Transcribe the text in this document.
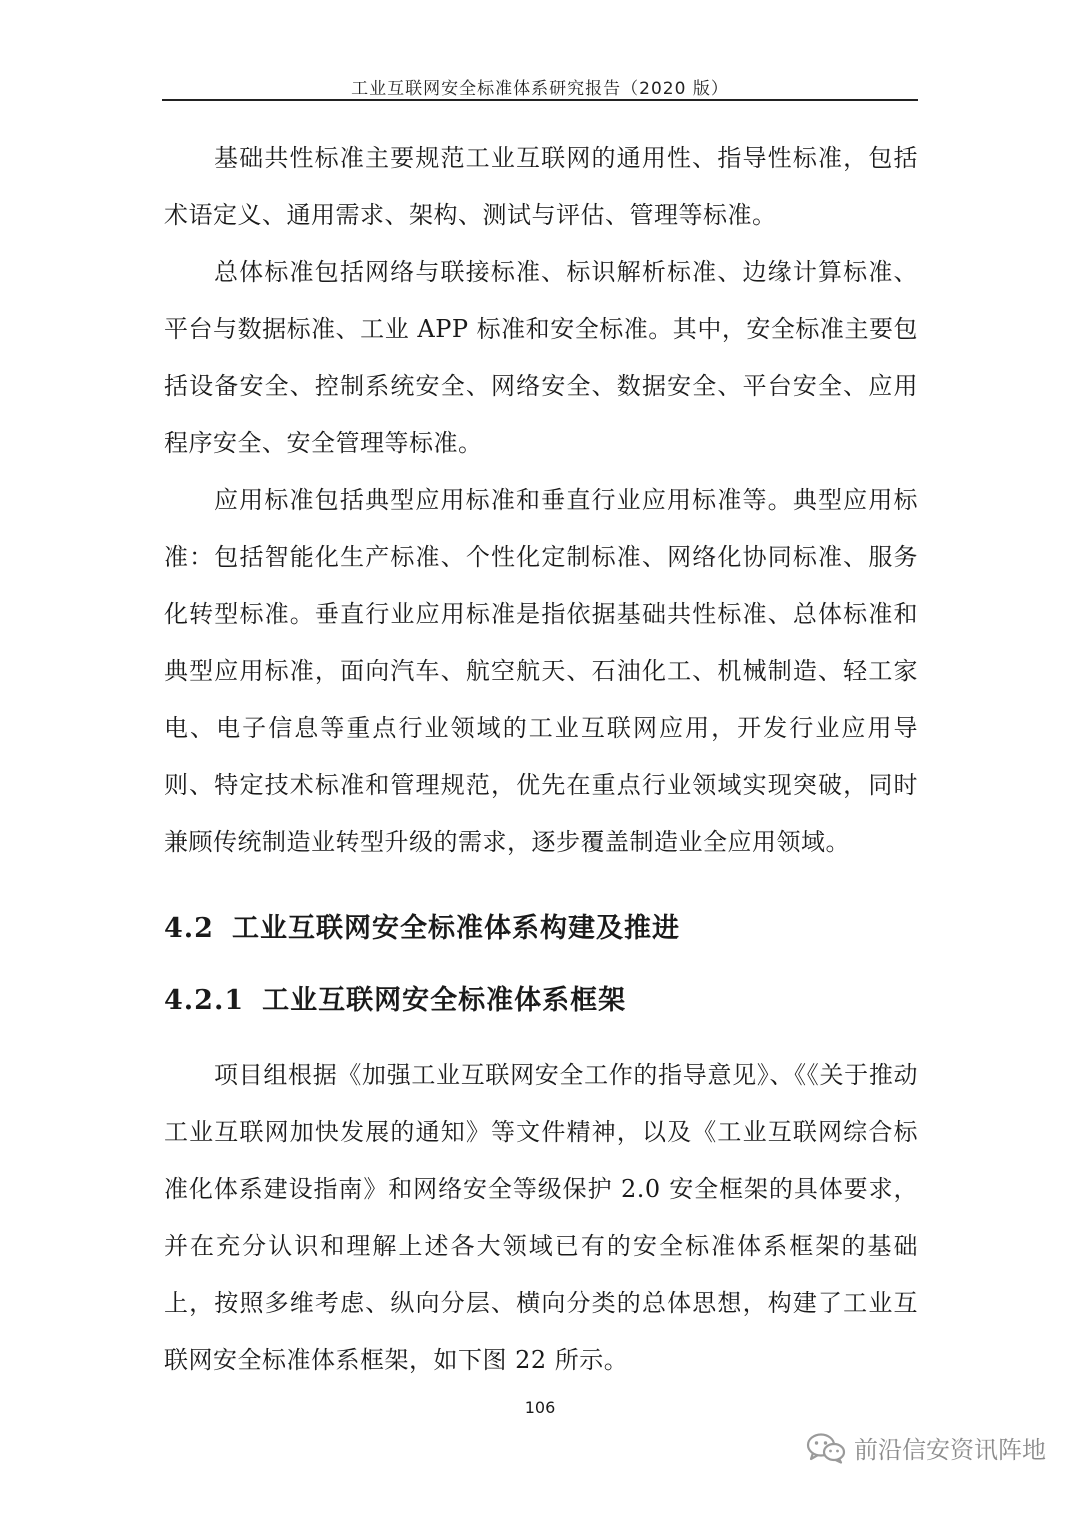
工业互联网安全标准体系研究报告（2020 版）

基础共性标准主要规范工业互联网的通用性、指导性标准，包括术语定义、通用需求、架构、测试与评估、管理等标准。

总体标准包括网络与联接标准、标识解析标准、边缘计算标准、平台与数据标准、工业 APP 标准和安全标准。其中，安全标准主要包括设备安全、控制系统安全、网络安全、数据安全、平台安全、应用程序安全、安全管理等标准。

应用标准包括典型应用标准和垂直行业应用标准等。典型应用标准：包括智能化生产标准、个性化定制标准、网络化协同标准、服务化转型标准。垂直行业应用标准是指依据基础共性标准、总体标准和典型应用标准，面向汽车、航空航天、石油化工、机械制造、轻工家电、电子信息等重点行业领域的工业互联网应用，开发行业应用导则、特定技术标准和管理规范，优先在重点行业领域实现突破，同时兼顾传统制造业转型升级的需求，逐步覆盖制造业全应用领域。

4.2 工业互联网安全标准体系构建及推进
4.2.1 工业互联网安全标准体系框架

项目组根据《加强工业互联网安全工作的指导意见》、《《关于推动工业互联网加快发展的通知》等文件精神，以及《工业互联网综合标准化体系建设指南》和网络安全等级保护 2.0 安全框架的具体要求，并在充分认识和理解上述各大领域已有的安全标准体系框架的基础上，按照多维考虑、纵向分层、横向分类的总体思想，构建了工业互联网安全标准体系框架，如下图 22 所示。

106
前沿信安资讯阵地
